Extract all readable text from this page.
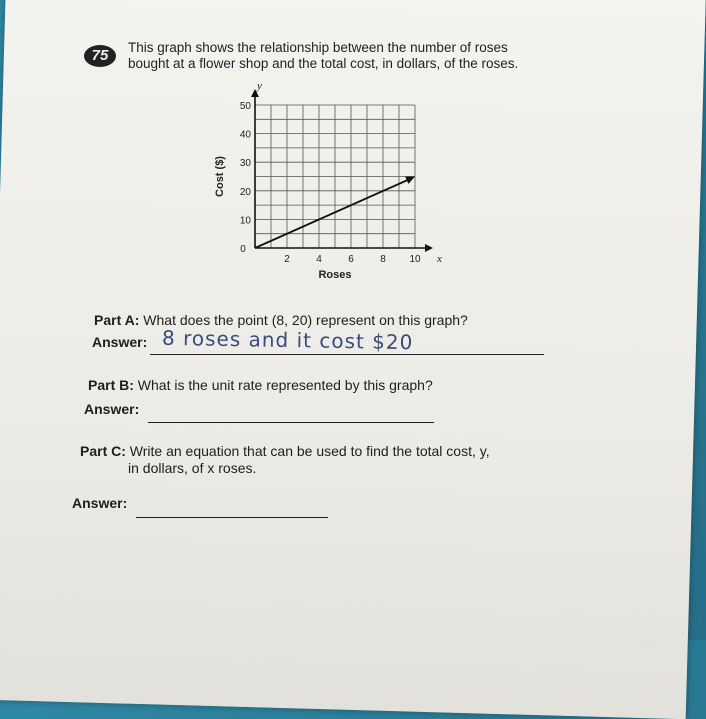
75	This graph shows the relationship between the number of roses
bought at a flower shop and the total cost, in dollars, of the roses.
2	4	6	8 10
10
20
30
40
50
0
x
y
Roses
Cost ($)
Part A: What does the point (8, 20) represent on this graph?
Answer: 8 roses and it cost $20
Part B: What is the unit rate represented by this graph?
Answer:
Part C: Write an equation that can be used to find the total cost, y,
in dollars, of x roses.
Answer:
